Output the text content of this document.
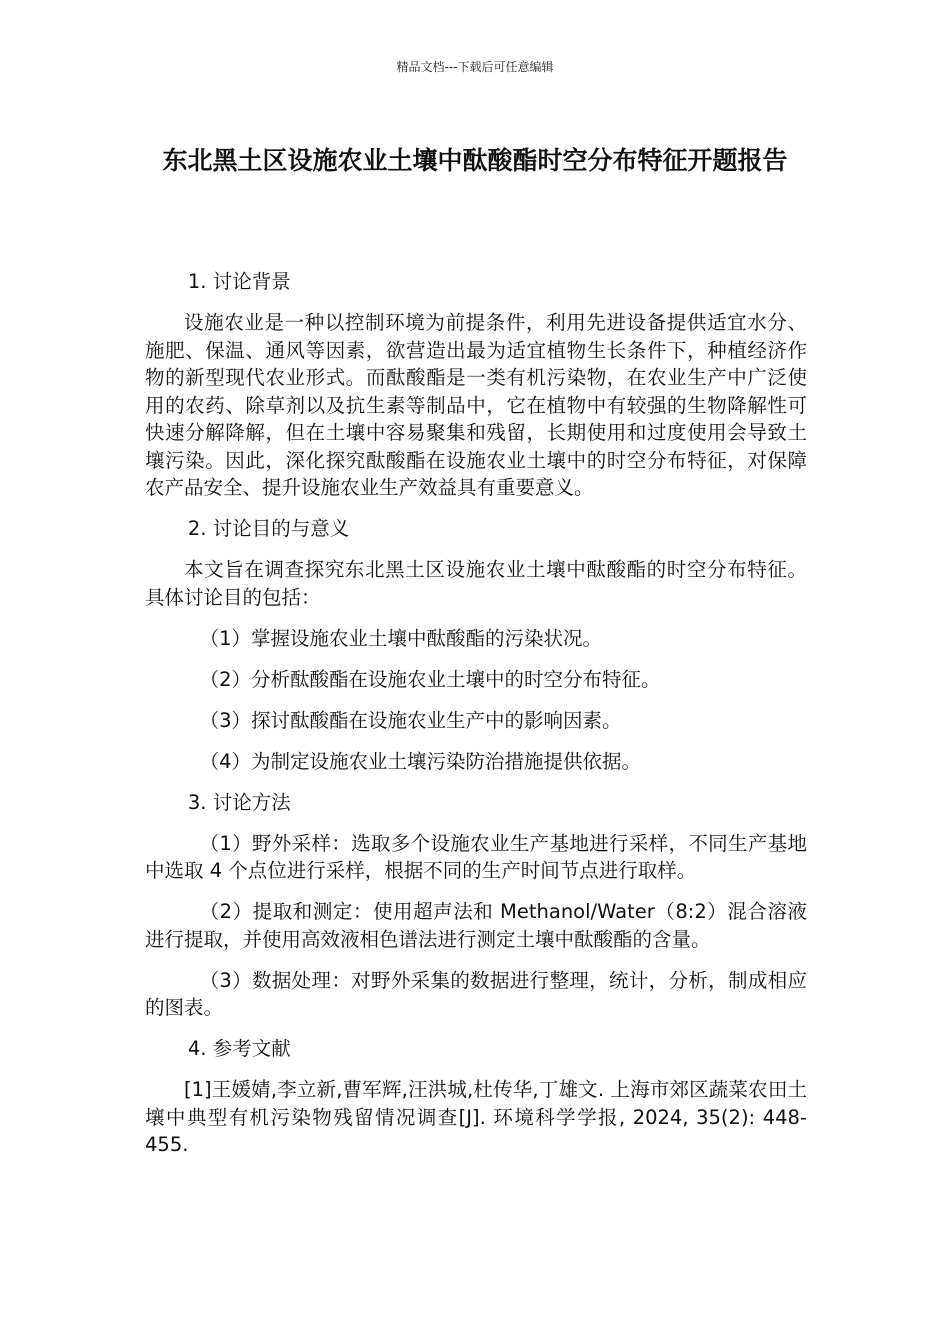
精品文档---下载后可任意编辑
东北黑土区设施农业土壤中酞酸酯时空分布特征开题报告

1. 讨论背景

设施农业是一种以控制环境为前提条件，利用先进设备提供适宜水分、施肥、保温、通风等因素，欲营造出最为适宜植物生长条件下，种植经济作物的新型现代农业形式。而酞酸酯是一类有机污染物，在农业生产中广泛使用的农药、除草剂以及抗生素等制品中，它在植物中有较强的生物降解性可快速分解降解，但在土壤中容易聚集和残留，长期使用和过度使用会导致土壤污染。因此，深化探究酞酸酯在设施农业土壤中的时空分布特征，对保障农产品安全、提升设施农业生产效益具有重要意义。

2. 讨论目的与意义

本文旨在调查探究东北黑土区设施农业土壤中酞酸酯的时空分布特征。具体讨论目的包括：

（1）掌握设施农业土壤中酞酸酯的污染状况。

（2）分析酞酸酯在设施农业土壤中的时空分布特征。

（3）探讨酞酸酯在设施农业生产中的影响因素。

（4）为制定设施农业土壤污染防治措施提供依据。

3. 讨论方法

（1）野外采样：选取多个设施农业生产基地进行采样，不同生产基地中选取 4 个点位进行采样，根据不同的生产时间节点进行取样。

（2）提取和测定：使用超声法和 Methanol/Water（8:2）混合溶液进行提取，并使用高效液相色谱法进行测定土壤中酞酸酯的含量。

（3）数据处理：对野外采集的数据进行整理，统计，分析，制成相应的图表。

4. 参考文献

[1]王媛婧,李立新,曹军辉,汪洪城,杜传华,丁雄文. 上海市郊区蔬菜农田土壤中典型有机污染物残留情况调查[J]. 环境科学学报, 2024, 35(2): 448-455.
